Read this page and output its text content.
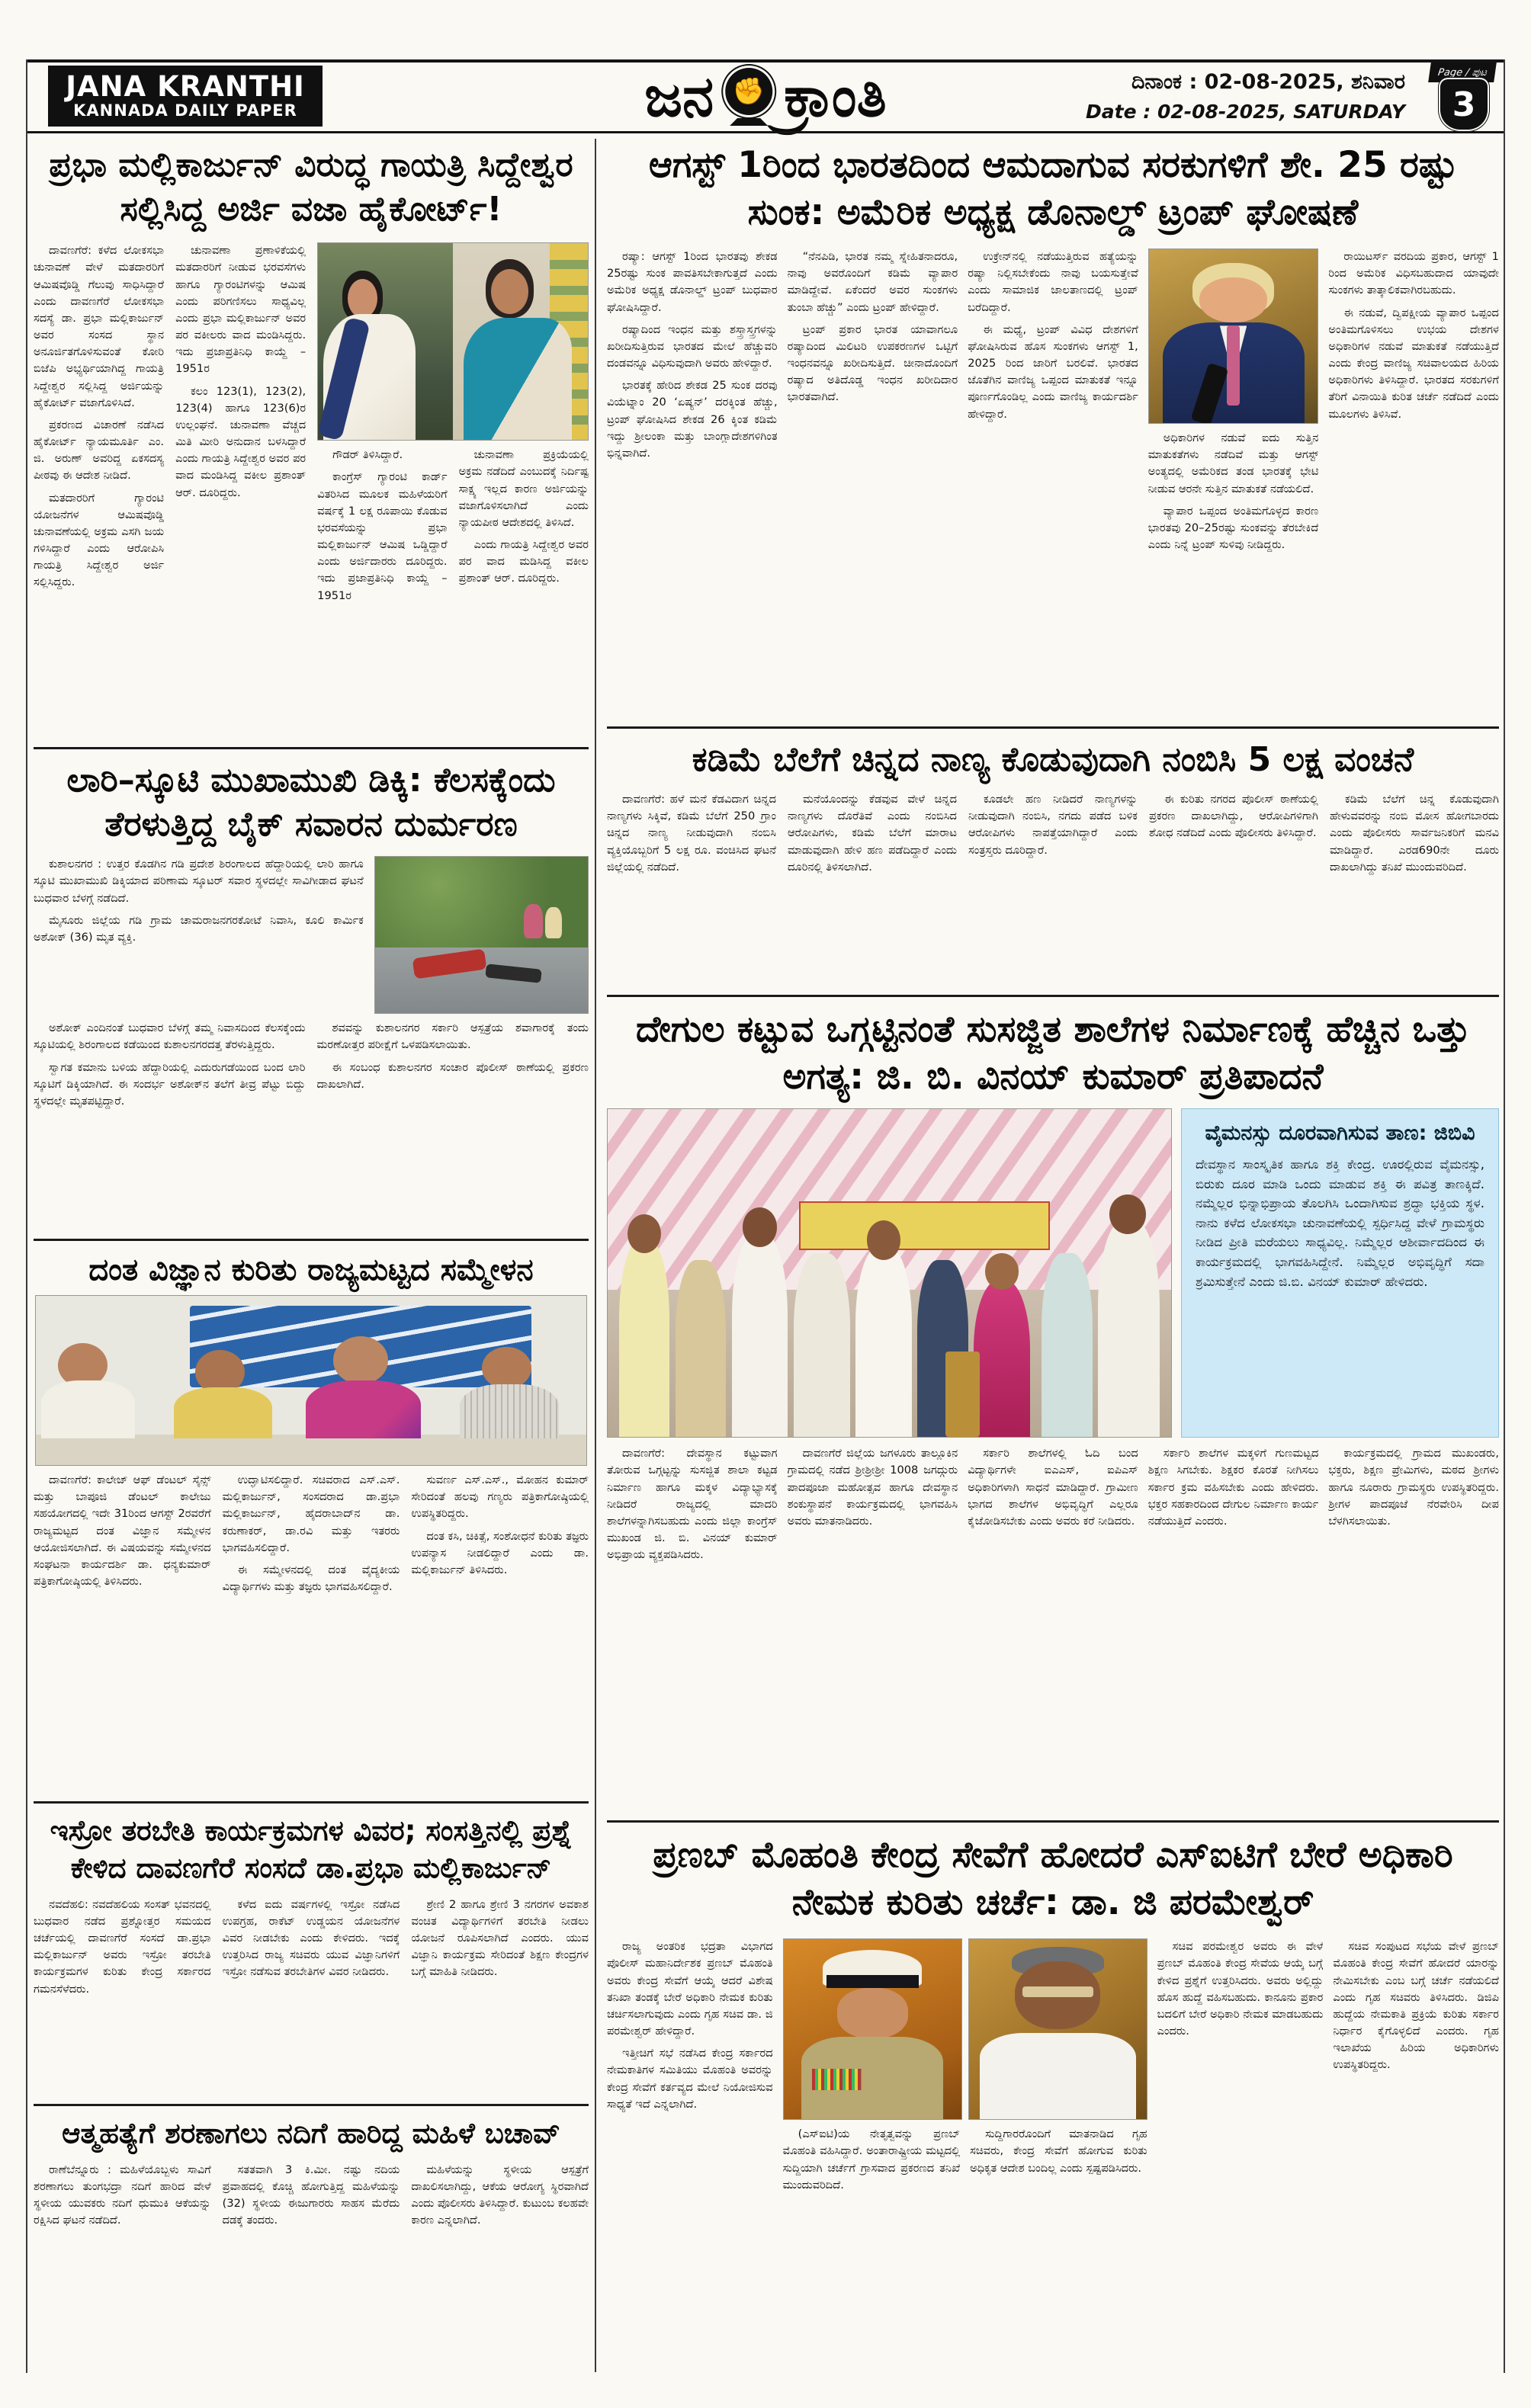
JANA KRANTHI
KANNADA DAILY PAPER	ಜನ ✊ ಕ್ರಾಂತಿ	ದಿನಾಂಕ : 02-08-2025, ಶನಿವಾರ
Date : 02-08-2025, SATURDAY
Page / ಪುಟ
3
ಪ್ರಭಾ ಮಲ್ಲಿಕಾರ್ಜುನ್ ವಿರುದ್ಧ ಗಾಯತ್ರಿ ಸಿದ್ದೇಶ್ವರ ಸಲ್ಲಿಸಿದ್ದ ಅರ್ಜಿ ವಜಾ ಹೈಕೋರ್ಟ್!

ದಾವಣಗೆರೆ: ಕಳೆದ ಲೋಕಸಭಾ ಚುನಾವಣೆ ವೇಳೆ ಮತದಾರರಿಗೆ ಆಮಿಷವೊಡ್ಡಿ ಗೆಲುವು ಸಾಧಿಸಿದ್ದಾರೆ ಎಂದು ದಾವಣಗೆರೆ ಲೋಕಸಭಾ ಸದಸ್ಯೆ ಡಾ. ಪ್ರಭಾ ಮಲ್ಲಿಕಾರ್ಜುನ್ ಅವರ ಸಂಸದ ಸ್ಥಾನ ಅನೂರ್ಜಿತಗೊಳಿಸುವಂತೆ ಕೋರಿ ಬಿಜೆಪಿ ಅಭ್ಯರ್ಥಿಯಾಗಿದ್ದ ಗಾಯತ್ರಿ ಸಿದ್ದೇಶ್ವರ ಸಲ್ಲಿಸಿದ್ದ ಅರ್ಜಿಯನ್ನು ಹೈಕೋರ್ಟ್ ವಜಾಗೊಳಿಸಿದೆ.

ಪ್ರಕರಣದ ವಿಚಾರಣೆ ನಡೆಸಿದ ಹೈಕೋರ್ಟ್ ನ್ಯಾಯಮೂರ್ತಿ ಎಂ. ಜಿ. ಅರುಣ್ ಅವರಿದ್ದ ಏಕಸದಸ್ಯ ಪೀಠವು ಈ ಆದೇಶ ನೀಡಿದೆ.

ಮತದಾರರಿಗೆ ಗ್ಯಾರಂಟಿ ಯೋಜನೆಗಳ ಆಮಿಷವೊಡ್ಡಿ ಚುನಾವಣೆಯಲ್ಲಿ ಅಕ್ರಮ ಎಸಗಿ ಜಯ ಗಳಿಸಿದ್ದಾರೆ ಎಂದು ಆರೋಪಿಸಿ ಗಾಯತ್ರಿ ಸಿದ್ದೇಶ್ವರ ಅರ್ಜಿ ಸಲ್ಲಿಸಿದ್ದರು.

ಚುನಾವಣಾ ಪ್ರಣಾಳಿಕೆಯಲ್ಲಿ ಮತದಾರರಿಗೆ ನೀಡುವ ಭರವಸೆಗಳು ಹಾಗೂ ಗ್ಯಾರಂಟಿಗಳನ್ನು ಆಮಿಷ ಎಂದು ಪರಿಗಣಿಸಲು ಸಾಧ್ಯವಿಲ್ಲ ಎಂದು ಪ್ರಭಾ ಮಲ್ಲಿಕಾರ್ಜುನ್ ಅವರ ಪರ ವಕೀಲರು ವಾದ ಮಂಡಿಸಿದ್ದರು. ಇದು ಪ್ರಜಾಪ್ರತಿನಿಧಿ ಕಾಯ್ದೆ – 1951ರ

ಕಲಂ 123(1), 123(2), 123(4) ಹಾಗೂ 123(6)ರ ಉಲ್ಲಂಘನೆ. ಚುನಾವಣಾ ವೆಚ್ಚದ ಮಿತಿ ಮೀರಿ ಅನುದಾನ ಬಳಸಿದ್ದಾರೆ ಎಂದು ಗಾಯತ್ರಿ ಸಿದ್ದೇಶ್ವರ ಅವರ ಪರ ವಾದ ಮಂಡಿಸಿದ್ದ ವಕೀಲ ಪ್ರಶಾಂತ್ ಆರ್. ದೂರಿದ್ದರು.

ಗೌಡರ್ ತಿಳಿಸಿದ್ದಾರೆ.

ಕಾಂಗ್ರೆಸ್ ಗ್ಯಾರಂಟಿ ಕಾರ್ಡ್ ವಿತರಿಸಿದ ಮೂಲಕ ಮಹಿಳೆಯರಿಗೆ ವರ್ಷಕ್ಕೆ 1 ಲಕ್ಷ ರೂಪಾಯಿ ಕೊಡುವ ಭರವಸೆಯನ್ನು ಪ್ರಭಾ ಮಲ್ಲಿಕಾರ್ಜುನ್ ಆಮಿಷ ಒಡ್ಡಿದ್ದಾರೆ ಎಂದು ಅರ್ಜಿದಾರರು ದೂರಿದ್ದರು. ಇದು ಪ್ರಜಾಪ್ರತಿನಿಧಿ ಕಾಯ್ದೆ – 1951ರ

ಚುನಾವಣಾ ಪ್ರಕ್ರಿಯೆಯಲ್ಲಿ ಅಕ್ರಮ ನಡೆದಿದೆ ಎಂಬುದಕ್ಕೆ ನಿರ್ದಿಷ್ಟ ಸಾಕ್ಷ್ಯ ಇಲ್ಲದ ಕಾರಣ ಅರ್ಜಿಯನ್ನು ವಜಾಗೊಳಿಸಲಾಗಿದೆ ಎಂದು ನ್ಯಾಯಪೀಠ ಆದೇಶದಲ್ಲಿ ತಿಳಿಸಿದೆ.

ಎಂದು ಗಾಯತ್ರಿ ಸಿದ್ದೇಶ್ವರ ಅವರ ಪರ ವಾದ ಮಡಿಸಿದ್ದ ವಕೀಲ ಪ್ರಶಾಂತ್ ಆರ್. ದೂರಿದ್ದರು.

ಲಾರಿ–ಸ್ಕೂಟಿ ಮುಖಾಮುಖಿ ಡಿಕ್ಕಿ: ಕೆಲಸಕ್ಕೆಂದು ತೆರಳುತ್ತಿದ್ದ ಬೈಕ್ ಸವಾರನ ದುರ್ಮರಣ

ಕುಶಾಲನಗರ : ಉತ್ತರ ಕೊಡಗಿನ ಗಡಿ ಪ್ರದೇಶ ಶಿರಂಗಾಲದ ಹೆದ್ದಾರಿಯಲ್ಲಿ ಲಾರಿ ಹಾಗೂ ಸ್ಕೂಟಿ ಮುಖಾಮುಖಿ ಡಿಕ್ಕಿಯಾದ ಪರಿಣಾಮ ಸ್ಕೂಟರ್ ಸವಾರ ಸ್ಥಳದಲ್ಲೇ ಸಾವಿಗೀಡಾದ ಘಟನೆ ಬುಧವಾರ ಬೆಳಗ್ಗೆ ನಡೆದಿದೆ.

ಮೈಸೂರು ಜಿಲ್ಲೆಯ ಗಡಿ ಗ್ರಾಮ ಚಾಮರಾಜನಗರಕೋಟೆ ನಿವಾಸಿ, ಕೂಲಿ ಕಾರ್ಮಿಕ ಅಶೋಕ್ (36) ಮೃತ ವ್ಯಕ್ತಿ.

ಅಶೋಕ್ ಎಂದಿನಂತೆ ಬುಧವಾರ ಬೆಳಗ್ಗೆ ತಮ್ಮ ನಿವಾಸದಿಂದ ಕೆಲಸಕ್ಕೆಂದು ಸ್ಕೂಟಿಯಲ್ಲಿ ಶಿರಂಗಾಲದ ಕಡೆಯಿಂದ ಕುಶಾಲನಗರದತ್ತ ತೆರಳುತ್ತಿದ್ದರು.

ಸ್ವಾಗತ ಕಮಾನು ಬಳಿಯ ಹೆದ್ದಾರಿಯಲ್ಲಿ ಎದುರುಗಡೆಯಿಂದ ಬಂದ ಲಾರಿ ಸ್ಕೂಟಿಗೆ ಡಿಕ್ಕಿಯಾಗಿದೆ. ಈ ಸಂದರ್ಭ ಅಶೋಕ್‌ನ ತಲೆಗೆ ತೀವ್ರ ಪೆಟ್ಟು ಬಿದ್ದು ಸ್ಥಳದಲ್ಲೇ ಮೃತಪಟ್ಟಿದ್ದಾರೆ.

ಶವವನ್ನು ಕುಶಾಲನಗರ ಸರ್ಕಾರಿ ಆಸ್ಪತ್ರೆಯ ಶವಾಗಾರಕ್ಕೆ ತಂದು ಮರಣೋತ್ತರ ಪರೀಕ್ಷೆಗೆ ಒಳಪಡಿಸಲಾಯಿತು.

ಈ ಸಂಬಂಧ ಕುಶಾಲನಗರ ಸಂಚಾರ ಪೊಲೀಸ್ ಠಾಣೆಯಲ್ಲಿ ಪ್ರಕರಣ ದಾಖಲಾಗಿದೆ.

ದಂತ ವಿಜ್ಞಾನ ಕುರಿತು ರಾಜ್ಯಮಟ್ಟದ ಸಮ್ಮೇಳನ

ದಾವಣಗೆರೆ: ಕಾಲೇಜ್ ಆಫ್ ಡೆಂಟಲ್ ಸೈನ್ಸ್ ಮತ್ತು ಬಾಪೂಜಿ ಡೆಂಟಲ್ ಕಾಲೇಜು ಸಹಯೋಗದಲ್ಲಿ ಇದೇ 31ರಿಂದ ಆಗಸ್ಟ್ 2ರವರೆಗೆ ರಾಜ್ಯಮಟ್ಟದ ದಂತ ವಿಜ್ಞಾನ ಸಮ್ಮೇಳನ ಆಯೋಜಿಸಲಾಗಿದೆ. ಈ ವಿಷಯವನ್ನು ಸಮ್ಮೇಳನದ ಸಂಘಟನಾ ಕಾರ್ಯದರ್ಶಿ ಡಾ. ಧನ್ಯಕುಮಾರ್ ಪತ್ರಿಕಾಗೋಷ್ಠಿಯಲ್ಲಿ ತಿಳಿಸಿದರು.

ಉದ್ಘಾಟಿಸಲಿದ್ದಾರೆ. ಸಚಿವರಾದ ಎಸ್.ಎಸ್. ಮಲ್ಲಿಕಾರ್ಜುನ್, ಸಂಸದರಾದ ಡಾ.ಪ್ರಭಾ ಮಲ್ಲಿಕಾರ್ಜುನ್, ಹೈದರಾಬಾದ್‌ನ ಡಾ. ಕರುಣಾಕರ್, ಡಾ.ರವಿ ಮತ್ತು ಇತರರು ಭಾಗವಹಿಸಲಿದ್ದಾರೆ.

ಈ ಸಮ್ಮೇಳನದಲ್ಲಿ ದಂತ ವೈದ್ಯಕೀಯ ವಿದ್ಯಾರ್ಥಿಗಳು ಮತ್ತು ತಜ್ಞರು ಭಾಗವಹಿಸಲಿದ್ದಾರೆ.

ಸುವರ್ಣ ಎಸ್.ಎಸ್., ಮೋಹನ ಕುಮಾರ್ ಸೇರಿದಂತೆ ಹಲವು ಗಣ್ಯರು ಪತ್ರಿಕಾಗೋಷ್ಠಿಯಲ್ಲಿ ಉಪಸ್ಥಿತರಿದ್ದರು.

ದಂತ ಕಸಿ, ಚಿಕಿತ್ಸೆ, ಸಂಶೋಧನೆ ಕುರಿತು ತಜ್ಞರು ಉಪನ್ಯಾಸ ನೀಡಲಿದ್ದಾರೆ ಎಂದು ಡಾ. ಮಲ್ಲಿಕಾರ್ಜುನ್ ತಿಳಿಸಿದರು.

ಇಸ್ರೋ ತರಬೇತಿ ಕಾರ್ಯಕ್ರಮಗಳ ವಿವರ; ಸಂಸತ್ತಿನಲ್ಲಿ ಪ್ರಶ್ನೆ ಕೇಳಿದ ದಾವಣಗೆರೆ ಸಂಸದೆ ಡಾ.ಪ್ರಭಾ ಮಲ್ಲಿಕಾರ್ಜುನ್

ನವದೆಹಲಿ: ನವದೆಹಲಿಯ ಸಂಸತ್ ಭವನದಲ್ಲಿ ಬುಧವಾರ ನಡೆದ ಪ್ರಶ್ನೋತ್ತರ ಸಮಯದ ಚರ್ಚೆಯಲ್ಲಿ ದಾವಣಗೆರೆ ಸಂಸದೆ ಡಾ.ಪ್ರಭಾ ಮಲ್ಲಿಕಾರ್ಜುನ್ ಅವರು ಇಸ್ರೋ ತರಬೇತಿ ಕಾರ್ಯಕ್ರಮಗಳ ಕುರಿತು ಕೇಂದ್ರ ಸರ್ಕಾರದ ಗಮನಸೆಳೆದರು.

ಕಳೆದ ಐದು ವರ್ಷಗಳಲ್ಲಿ ಇಸ್ರೋ ನಡೆಸಿದ ಉಪಗ್ರಹ, ರಾಕೆಟ್ ಉಡ್ಡಯನ ಯೋಜನೆಗಳ ವಿವರ ನೀಡಬೇಕು ಎಂದು ಕೇಳಿದರು. ಇದಕ್ಕೆ ಉತ್ತರಿಸಿದ ರಾಜ್ಯ ಸಚಿವರು ಯುವ ವಿಜ್ಞಾನಿಗಳಿಗೆ ಇಸ್ರೋ ನಡೆಸುವ ತರಬೇತಿಗಳ ವಿವರ ನೀಡಿದರು.

ಶ್ರೇಣಿ 2 ಹಾಗೂ ಶ್ರೇಣಿ 3 ನಗರಗಳ ಅವಕಾಶ ವಂಚಿತ ವಿದ್ಯಾರ್ಥಿಗಳಿಗೆ ತರಬೇತಿ ನೀಡಲು ಯೋಜನೆ ರೂಪಿಸಲಾಗಿದೆ ಎಂದರು. ಯುವ ವಿಜ್ಞಾನಿ ಕಾರ್ಯಕ್ರಮ ಸೇರಿದಂತೆ ಶಿಕ್ಷಣ ಕೇಂದ್ರಗಳ ಬಗ್ಗೆ ಮಾಹಿತಿ ನೀಡಿದರು.

ಆತ್ಮಹತ್ಯೆಗೆ ಶರಣಾಗಲು ನದಿಗೆ ಹಾರಿದ್ದ ಮಹಿಳೆ ಬಚಾವ್

ರಾಣೆಬೆನ್ನೂರು : ಮಹಿಳೆಯೊಬ್ಬಳು ಸಾವಿಗೆ ಶರಣಾಗಲು ತುಂಗಭದ್ರಾ ನದಿಗೆ ಹಾರಿದ ವೇಳೆ ಸ್ಥಳೀಯ ಯುವಕರು ನದಿಗೆ ಧುಮುಕಿ ಆಕೆಯನ್ನು ರಕ್ಷಿಸಿದ ಘಟನೆ ನಡೆದಿದೆ.

ಸತತವಾಗಿ 3 ಕಿ.ಮೀ. ನಷ್ಟು ನದಿಯ ಪ್ರವಾಹದಲ್ಲಿ ಕೊಚ್ಚಿ ಹೋಗುತ್ತಿದ್ದ ಮಹಿಳೆಯನ್ನು (32) ಸ್ಥಳೀಯ ಈಜುಗಾರರು ಸಾಹಸ ಮೆರೆದು ದಡಕ್ಕೆ ತಂದರು.

ಮಹಿಳೆಯನ್ನು ಸ್ಥಳೀಯ ಆಸ್ಪತ್ರೆಗೆ ದಾಖಲಿಸಲಾಗಿದ್ದು, ಆಕೆಯ ಆರೋಗ್ಯ ಸ್ಥಿರವಾಗಿದೆ ಎಂದು ಪೊಲೀಸರು ತಿಳಿಸಿದ್ದಾರೆ. ಕುಟುಂಬ ಕಲಹವೇ ಕಾರಣ ಎನ್ನಲಾಗಿದೆ.

ಆಗಸ್ಟ್ 1ರಿಂದ ಭಾರತದಿಂದ ಆಮದಾಗುವ ಸರಕುಗಳಿಗೆ ಶೇ. 25 ರಷ್ಟು ಸುಂಕ: ಅಮೆರಿಕ ಅಧ್ಯಕ್ಷ ಡೊನಾಲ್ಡ್ ಟ್ರಂಪ್ ಘೋಷಣೆ

ರಷ್ಯಾ: ಆಗಸ್ಟ್ 1ರಿಂದ ಭಾರತವು ಶೇಕಡ 25ರಷ್ಟು ಸುಂಕ ಪಾವತಿಸಬೇಕಾಗುತ್ತದೆ ಎಂದು ಅಮೆರಿಕ ಅಧ್ಯಕ್ಷ ಡೊನಾಲ್ಡ್ ಟ್ರಂಪ್ ಬುಧವಾರ ಘೋಷಿಸಿದ್ದಾರೆ.

ರಷ್ಯಾದಿಂದ ಇಂಧನ ಮತ್ತು ಶಸ್ತ್ರಾಸ್ತ್ರಗಳನ್ನು ಖರೀದಿಸುತ್ತಿರುವ ಭಾರತದ ಮೇಲೆ ಹೆಚ್ಚುವರಿ ದಂಡವನ್ನೂ ವಿಧಿಸುವುದಾಗಿ ಅವರು ಹೇಳಿದ್ದಾರೆ.

ಭಾರತಕ್ಕೆ ಹೇರಿದ ಶೇಕಡ 25 ಸುಂಕ ದರವು ವಿಯೆಟ್ನಾಂ 20 ‘ಏಷ್ಯನ್’ ದರಕ್ಕಿಂತ ಹೆಚ್ಚು, ಟ್ರಂಪ್ ಘೋಷಿಸಿದ ಶೇಕಡ 26 ಕ್ಕಿಂತ ಕಡಿಮೆ ಇದ್ದು ಶ್ರೀಲಂಕಾ ಮತ್ತು ಬಾಂಗ್ಲಾದೇಶಗಳಿಗಿಂತ ಭಿನ್ನವಾಗಿದೆ.

“ನೆನಪಿಡಿ, ಭಾರತ ನಮ್ಮ ಸ್ನೇಹಿತನಾದರೂ, ನಾವು ಅವರೊಂದಿಗೆ ಕಡಿಮೆ ವ್ಯಾಪಾರ ಮಾಡಿದ್ದೇವೆ. ಏಕೆಂದರೆ ಅವರ ಸುಂಕಗಳು ತುಂಬಾ ಹೆಚ್ಚು” ಎಂದು ಟ್ರಂಪ್ ಹೇಳಿದ್ದಾರೆ.

ಟ್ರಂಪ್ ಪ್ರಕಾರ ಭಾರತ ಯಾವಾಗಲೂ ರಷ್ಯಾದಿಂದ ಮಿಲಿಟರಿ ಉಪಕರಣಗಳ ಒಟ್ಟಿಗೆ ಇಂಧನವನ್ನೂ ಖರೀದಿಸುತ್ತಿದೆ. ಚೀನಾದೊಂದಿಗೆ ರಷ್ಯಾದ ಅತಿದೊಡ್ಡ ಇಂಧನ ಖರೀದಿದಾರ ಭಾರತವಾಗಿದೆ.

ಉಕ್ರೇನ್‌ನಲ್ಲಿ ನಡೆಯುತ್ತಿರುವ ಹತ್ಯೆಯನ್ನು ರಷ್ಯಾ ನಿಲ್ಲಿಸಬೇಕೆಂದು ನಾವು ಬಯಸುತ್ತೇವೆ ಎಂದು ಸಾಮಾಜಿಕ ಜಾಲತಾಣದಲ್ಲಿ ಟ್ರಂಪ್ ಬರೆದಿದ್ದಾರೆ.

ಈ ಮಧ್ಯೆ, ಟ್ರಂಪ್ ವಿವಿಧ ದೇಶಗಳಿಗೆ ಘೋಷಿಸಿರುವ ಹೊಸ ಸುಂಕಗಳು ಆಗಸ್ಟ್ 1, 2025 ರಿಂದ ಜಾರಿಗೆ ಬರಲಿವೆ. ಭಾರತದ ಜೊತೆಗಿನ ವಾಣಿಜ್ಯ ಒಪ್ಪಂದ ಮಾತುಕತೆ ಇನ್ನೂ ಪೂರ್ಣಗೊಂಡಿಲ್ಲ ಎಂದು ವಾಣಿಜ್ಯ ಕಾರ್ಯದರ್ಶಿ ಹೇಳಿದ್ದಾರೆ.

ಅಧಿಕಾರಿಗಳ ನಡುವೆ ಐದು ಸುತ್ತಿನ ಮಾತುಕತೆಗಳು ನಡೆದಿವೆ ಮತ್ತು ಆಗಸ್ಟ್ ಅಂತ್ಯದಲ್ಲಿ ಅಮೆರಿಕದ ತಂಡ ಭಾರತಕ್ಕೆ ಭೇಟಿ ನೀಡುವ ಆರನೇ ಸುತ್ತಿನ ಮಾತುಕತೆ ನಡೆಯಲಿದೆ.

ವ್ಯಾಪಾರ ಒಪ್ಪಂದ ಅಂತಿಮಗೊಳ್ಳದ ಕಾರಣ ಭಾರತವು 20–25ರಷ್ಟು ಸುಂಕವನ್ನು ತೆರಬೇಕಿದೆ ಎಂದು ನಿನ್ನೆ ಟ್ರಂಪ್ ಸುಳಿವು ನೀಡಿದ್ದರು.

ರಾಯಿಟರ್ಸ್ ವರದಿಯ ಪ್ರಕಾರ, ಆಗಸ್ಟ್ 1 ರಿಂದ ಅಮೆರಿಕ ವಿಧಿಸಬಹುದಾದ ಯಾವುದೇ ಸುಂಕಗಳು ತಾತ್ಕಾಲಿಕವಾಗಿರಬಹುದು.

ಈ ನಡುವೆ, ದ್ವಿಪಕ್ಷೀಯ ವ್ಯಾಪಾರ ಒಪ್ಪಂದ ಅಂತಿಮಗೊಳಿಸಲು ಉಭಯ ದೇಶಗಳ ಅಧಿಕಾರಿಗಳ ನಡುವೆ ಮಾತುಕತೆ ನಡೆಯುತ್ತಿದೆ ಎಂದು ಕೇಂದ್ರ ವಾಣಿಜ್ಯ ಸಚಿವಾಲಯದ ಹಿರಿಯ ಅಧಿಕಾರಿಗಳು ತಿಳಿಸಿದ್ದಾರೆ. ಭಾರತದ ಸರಕುಗಳಿಗೆ ತೆರಿಗೆ ವಿನಾಯಿತಿ ಕುರಿತ ಚರ್ಚೆ ನಡೆದಿದೆ ಎಂದು ಮೂಲಗಳು ತಿಳಿಸಿವೆ.

ಕಡಿಮೆ ಬೆಲೆಗೆ ಚಿನ್ನದ ನಾಣ್ಯ ಕೊಡುವುದಾಗಿ ನಂಬಿಸಿ 5 ಲಕ್ಷ ವಂಚನೆ

ದಾವಣಗೆರೆ: ಹಳೆ ಮನೆ ಕೆಡವಿದಾಗ ಚಿನ್ನದ ನಾಣ್ಯಗಳು ಸಿಕ್ಕಿವೆ, ಕಡಿಮೆ ಬೆಲೆಗೆ 250 ಗ್ರಾಂ ಚಿನ್ನದ ನಾಣ್ಯ ನೀಡುವುದಾಗಿ ನಂಬಿಸಿ ವ್ಯಕ್ತಿಯೊಬ್ಬರಿಗೆ 5 ಲಕ್ಷ ರೂ. ವಂಚಿಸಿದ ಘಟನೆ ಜಿಲ್ಲೆಯಲ್ಲಿ ನಡೆದಿದೆ.

ಮನೆಯೊಂದನ್ನು ಕೆಡವುವ ವೇಳೆ ಚಿನ್ನದ ನಾಣ್ಯಗಳು ದೊರೆತಿವೆ ಎಂದು ನಂಬಿಸಿದ ಆರೋಪಿಗಳು, ಕಡಿಮೆ ಬೆಲೆಗೆ ಮಾರಾಟ ಮಾಡುವುದಾಗಿ ಹೇಳಿ ಹಣ ಪಡೆದಿದ್ದಾರೆ ಎಂದು ದೂರಿನಲ್ಲಿ ತಿಳಿಸಲಾಗಿದೆ.

ಕೂಡಲೇ ಹಣ ನೀಡಿದರೆ ನಾಣ್ಯಗಳನ್ನು ನೀಡುವುದಾಗಿ ನಂಬಿಸಿ, ನಗದು ಪಡೆದ ಬಳಿಕ ಆರೋಪಿಗಳು ನಾಪತ್ತೆಯಾಗಿದ್ದಾರೆ ಎಂದು ಸಂತ್ರಸ್ತರು ದೂರಿದ್ದಾರೆ.

ಈ ಕುರಿತು ನಗರದ ಪೊಲೀಸ್ ಠಾಣೆಯಲ್ಲಿ ಪ್ರಕರಣ ದಾಖಲಾಗಿದ್ದು, ಆರೋಪಿಗಳಿಗಾಗಿ ಶೋಧ ನಡೆದಿದೆ ಎಂದು ಪೊಲೀಸರು ತಿಳಿಸಿದ್ದಾರೆ.

ಕಡಿಮೆ ಬೆಲೆಗೆ ಚಿನ್ನ ಕೊಡುವುದಾಗಿ ಹೇಳುವವರನ್ನು ನಂಬಿ ಮೋಸ ಹೋಗಬಾರದು ಎಂದು ಪೊಲೀಸರು ಸಾರ್ವಜನಿಕರಿಗೆ ಮನವಿ ಮಾಡಿದ್ದಾರೆ. ಎರಡ690ನೇ ದೂರು ದಾಖಲಾಗಿದ್ದು ತನಿಖೆ ಮುಂದುವರಿದಿದೆ.

ದೇಗುಲ ಕಟ್ಟುವ ಒಗ್ಗಟ್ಟಿನಂತೆ ಸುಸಜ್ಜಿತ ಶಾಲೆಗಳ ನಿರ್ಮಾಣಕ್ಕೆ ಹೆಚ್ಚಿನ ಒತ್ತು ಅಗತ್ಯ: ಜಿ. ಬಿ. ವಿನಯ್ ಕುಮಾರ್ ಪ್ರತಿಪಾದನೆ
ವೈಮನಸ್ಸು ದೂರವಾಗಿಸುವ ತಾಣ: ಜಿಬಿವಿ
ದೇವಸ್ಥಾನ ಸಾಂಸ್ಕೃತಿಕ ಹಾಗೂ ಶಕ್ತಿ ಕೇಂದ್ರ. ಊರಲ್ಲಿರುವ ವೈಮನಸ್ಸು, ಬಿರುಕು ದೂರ ಮಾಡಿ ಒಂದು ಮಾಡುವ ಶಕ್ತಿ ಈ ಪವಿತ್ರ ತಾಣಕ್ಕಿದೆ. ನಮ್ಮೆಲ್ಲರ ಭಿನ್ನಾಭಿಪ್ರಾಯ ತೊಲಗಿಸಿ ಒಂದಾಗಿಸುವ ಶ್ರದ್ಧಾ ಭಕ್ತಿಯ ಸ್ಥಳ. ನಾನು ಕಳೆದ ಲೋಕಸಭಾ ಚುನಾವಣೆಯಲ್ಲಿ ಸ್ಪರ್ಧಿಸಿದ್ದ ವೇಳೆ ಗ್ರಾಮಸ್ಥರು ನೀಡಿದ ಪ್ರೀತಿ ಮರೆಯಲು ಸಾಧ್ಯವಿಲ್ಲ. ನಿಮ್ಮೆಲ್ಲರ ಆಶೀರ್ವಾದದಿಂದ ಈ ಕಾರ್ಯಕ್ರಮದಲ್ಲಿ ಭಾಗವಹಿಸಿದ್ದೇನೆ. ನಿಮ್ಮೆಲ್ಲರ ಅಭಿವೃದ್ಧಿಗೆ ಸದಾ ಶ್ರಮಿಸುತ್ತೇನೆ ಎಂದು ಜಿ.ಬಿ. ವಿನಯ್ ಕುಮಾರ್ ಹೇಳಿದರು.

ದಾವಣಗೆರೆ: ದೇವಸ್ಥಾನ ಕಟ್ಟುವಾಗ ತೋರುವ ಒಗ್ಗಟ್ಟನ್ನು ಸುಸಜ್ಜಿತ ಶಾಲಾ ಕಟ್ಟಡ ನಿರ್ಮಾಣ ಹಾಗೂ ಮಕ್ಕಳ ವಿದ್ಯಾಭ್ಯಾಸಕ್ಕೆ ನೀಡಿದರೆ ರಾಜ್ಯದಲ್ಲಿ ಮಾದರಿ ಶಾಲೆಗಳನ್ನಾಗಿಸಬಹುದು ಎಂದು ಜಿಲ್ಲಾ ಕಾಂಗ್ರೆಸ್ ಮುಖಂಡ ಜಿ. ಬಿ. ವಿನಯ್ ಕುಮಾರ್ ಅಭಿಪ್ರಾಯ ವ್ಯಕ್ತಪಡಿಸಿದರು.

ದಾವಣಗೆರೆ ಜಿಲ್ಲೆಯ ಜಗಳೂರು ತಾಲ್ಲೂಕಿನ ಗ್ರಾಮದಲ್ಲಿ ನಡೆದ ಶ್ರೀಶ್ರೀಶ್ರೀ 1008 ಜಗದ್ಗುರು ಪಾದಪೂಜಾ ಮಹೋತ್ಸವ ಹಾಗೂ ದೇವಸ್ಥಾನ ಶಂಕುಸ್ಥಾಪನೆ ಕಾರ್ಯಕ್ರಮದಲ್ಲಿ ಭಾಗವಹಿಸಿ ಅವರು ಮಾತನಾಡಿದರು.

ಸರ್ಕಾರಿ ಶಾಲೆಗಳಲ್ಲಿ ಓದಿ ಬಂದ ವಿದ್ಯಾರ್ಥಿಗಳೇ ಐಎಎಸ್, ಐಪಿಎಸ್ ಅಧಿಕಾರಿಗಳಾಗಿ ಸಾಧನೆ ಮಾಡಿದ್ದಾರೆ. ಗ್ರಾಮೀಣ ಭಾಗದ ಶಾಲೆಗಳ ಅಭಿವೃದ್ಧಿಗೆ ಎಲ್ಲರೂ ಕೈಜೋಡಿಸಬೇಕು ಎಂದು ಅವರು ಕರೆ ನೀಡಿದರು.

ಸರ್ಕಾರಿ ಶಾಲೆಗಳ ಮಕ್ಕಳಿಗೆ ಗುಣಮಟ್ಟದ ಶಿಕ್ಷಣ ಸಿಗಬೇಕು. ಶಿಕ್ಷಕರ ಕೊರತೆ ನೀಗಿಸಲು ಸರ್ಕಾರ ಕ್ರಮ ವಹಿಸಬೇಕು ಎಂದು ಹೇಳಿದರು. ಭಕ್ತರ ಸಹಕಾರದಿಂದ ದೇಗುಲ ನಿರ್ಮಾಣ ಕಾರ್ಯ ನಡೆಯುತ್ತಿದೆ ಎಂದರು.

ಕಾರ್ಯಕ್ರಮದಲ್ಲಿ ಗ್ರಾಮದ ಮುಖಂಡರು, ಭಕ್ತರು, ಶಿಕ್ಷಣ ಪ್ರೇಮಿಗಳು, ಮಠದ ಶ್ರೀಗಳು ಹಾಗೂ ನೂರಾರು ಗ್ರಾಮಸ್ಥರು ಉಪಸ್ಥಿತರಿದ್ದರು. ಶ್ರೀಗಳ ಪಾದಪೂಜೆ ನೆರವೇರಿಸಿ ದೀಪ ಬೆಳಗಿಸಲಾಯಿತು.

ಪ್ರಣಬ್ ಮೊಹಂತಿ ಕೇಂದ್ರ ಸೇವೆಗೆ ಹೋದರೆ ಎಸ್‌ಐಟಿಗೆ ಬೇರೆ ಅಧಿಕಾರಿ ನೇಮಕ ಕುರಿತು ಚರ್ಚೆ: ಡಾ. ಜಿ ಪರಮೇಶ್ವರ್

ರಾಜ್ಯ ಅಂತರಿಕ ಭದ್ರತಾ ವಿಭಾಗದ ಪೊಲೀಸ್ ಮಹಾನಿರ್ದೇಶಕ ಪ್ರಣಬ್ ಮೊಹಂತಿ ಅವರು ಕೇಂದ್ರ ಸೇವೆಗೆ ಆಯ್ಕೆ ಆದರೆ ವಿಶೇಷ ತನಿಖಾ ತಂಡಕ್ಕೆ ಬೇರೆ ಅಧಿಕಾರಿ ನೇಮಕ ಕುರಿತು ಚರ್ಚಿಸಲಾಗುವುದು ಎಂದು ಗೃಹ ಸಚಿವ ಡಾ. ಜಿ ಪರಮೇಶ್ವರ್ ಹೇಳಿದ್ದಾರೆ.

ಇತ್ತೀಚಿಗೆ ಸಭೆ ನಡೆಸಿದ ಕೇಂದ್ರ ಸರ್ಕಾರದ ನೇಮಕಾತಿಗಳ ಸಮಿತಿಯು ಮೊಹಂತಿ ಅವರನ್ನು ಕೇಂದ್ರ ಸೇವೆಗೆ ಕರ್ತವ್ಯದ ಮೇಲೆ ನಿಯೋಜಿಸುವ ಸಾಧ್ಯತೆ ಇದೆ ಎನ್ನಲಾಗಿದೆ.

(ಎಸ್‌ಐಟಿ)ಯ ನೇತೃತ್ವವನ್ನು ಪ್ರಣಬ್ ಮೊಹಂತಿ ವಹಿಸಿದ್ದಾರೆ. ಅಂತಾರಾಷ್ಟ್ರೀಯ ಮಟ್ಟದಲ್ಲಿ ಸುದ್ದಿಯಾಗಿ ಚರ್ಚೆಗೆ ಗ್ರಾಸವಾದ ಪ್ರಕರಣದ ತನಿಖೆ ಮುಂದುವರಿದಿದೆ.

ಸುದ್ದಿಗಾರರೊಂದಿಗೆ ಮಾತನಾಡಿದ ಗೃಹ ಸಚಿವರು, ಕೇಂದ್ರ ಸೇವೆಗೆ ಹೋಗುವ ಕುರಿತು ಅಧಿಕೃತ ಆದೇಶ ಬಂದಿಲ್ಲ ಎಂದು ಸ್ಪಷ್ಟಪಡಿಸಿದರು.

ಸಚಿವ ಪರಮೇಶ್ವರ ಅವರು ಈ ವೇಳೆ ಪ್ರಣಬ್ ಮೊಹಂತಿ ಕೇಂದ್ರ ಸೇವೆಯ ಆಯ್ಕೆ ಬಗ್ಗೆ ಕೇಳಿದ ಪ್ರಶ್ನೆಗೆ ಉತ್ತರಿಸಿದರು. ಅವರು ಅಲ್ಲಿದ್ದು ಹೊಸ ಹುದ್ದೆ ವಹಿಸಬಹುದು. ಕಾನೂನು ಪ್ರಕಾರ ಬದಲಿಗೆ ಬೇರೆ ಅಧಿಕಾರಿ ನೇಮಕ ಮಾಡಬಹುದು ಎಂದರು.

ಸಚಿವ ಸಂಪುಟದ ಸಭೆಯ ವೇಳೆ ಪ್ರಣಬ್ ಮೊಹಂತಿ ಕೇಂದ್ರ ಸೇವೆಗೆ ಹೋದರೆ ಯಾರನ್ನು ನೇಮಿಸಬೇಕು ಎಂಬ ಬಗ್ಗೆ ಚರ್ಚೆ ನಡೆಯಲಿದೆ ಎಂದು ಗೃಹ ಸಚಿವರು ತಿಳಿಸಿದರು. ಡಿಜಿಪಿ ಹುದ್ದೆಯ ನೇಮಕಾತಿ ಪ್ರಕ್ರಿಯೆ ಕುರಿತು ಸರ್ಕಾರ ನಿರ್ಧಾರ ಕೈಗೊಳ್ಳಲಿದೆ ಎಂದರು. ಗೃಹ ಇಲಾಖೆಯ ಹಿರಿಯ ಅಧಿಕಾರಿಗಳು ಉಪಸ್ಥಿತರಿದ್ದರು.
